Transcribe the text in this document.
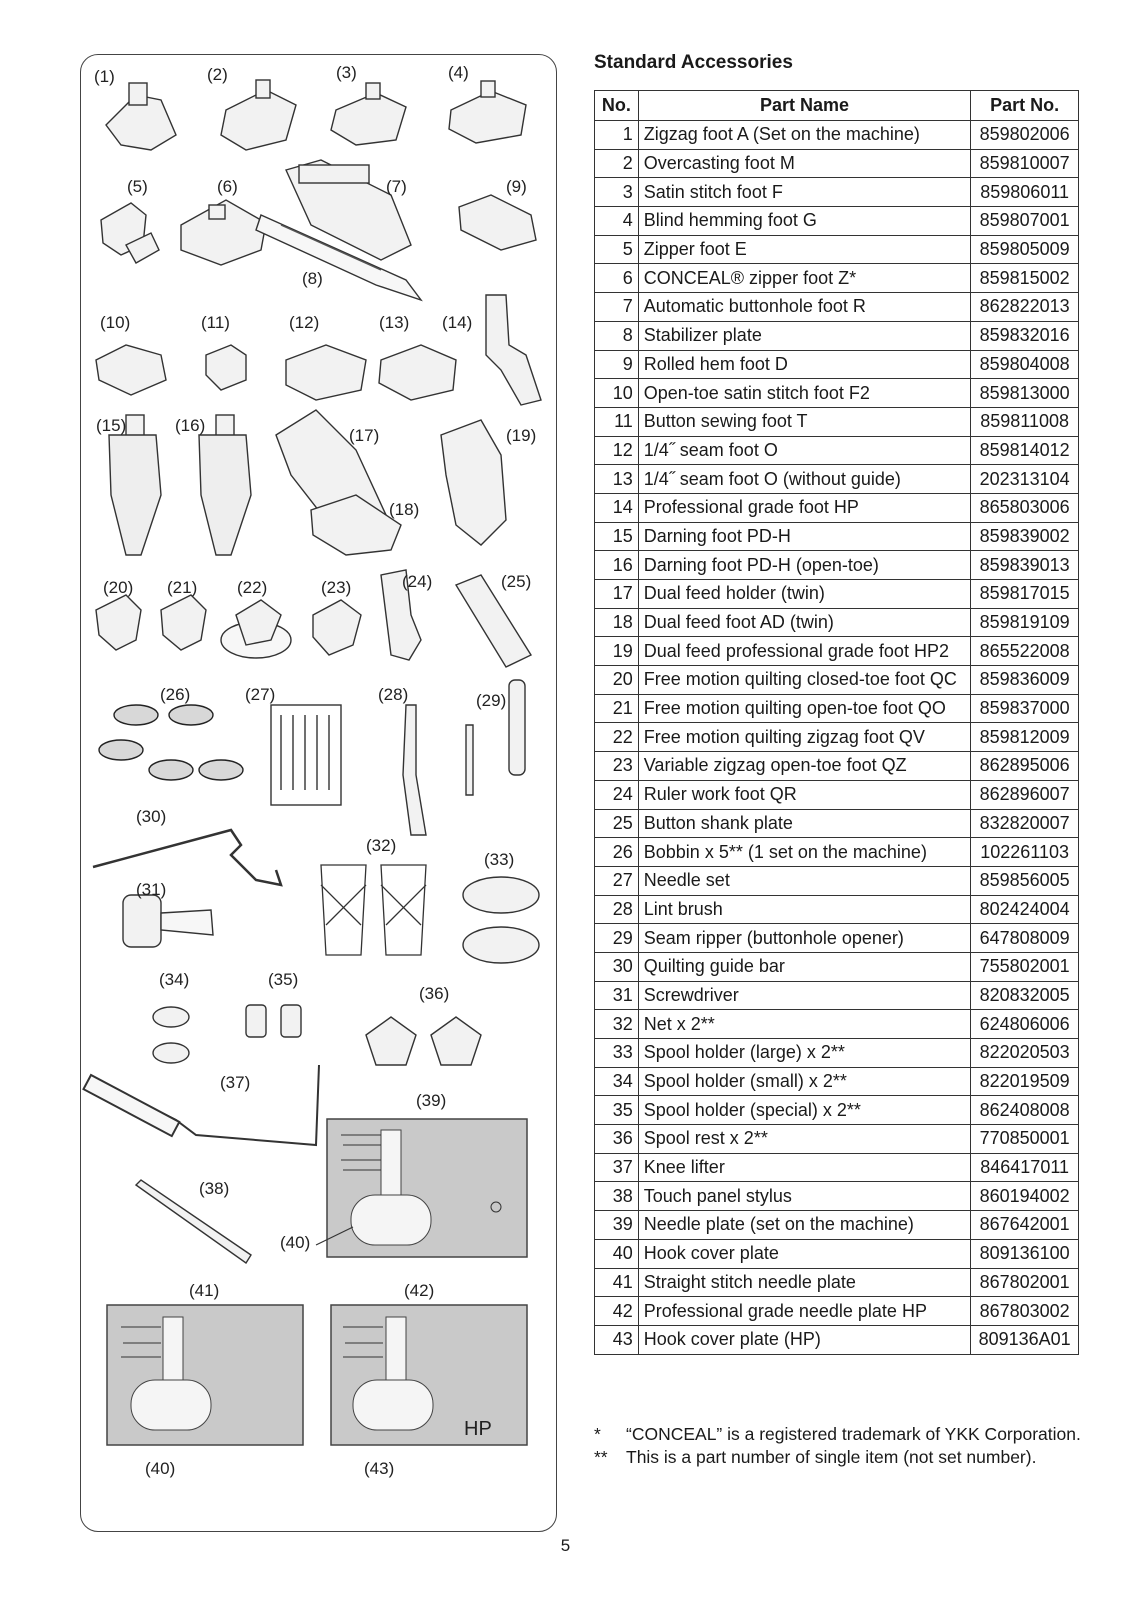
HP
(1)	(2)	(3)	(4)
(5)	(6)	(7)
(8)
(9)
(10)	(11)	(12)	(13) (14)
(15)	(16)
(17)
(18)
(19)
(20) (21) (22)	(23)	(24)	(25)
(26)	(27)	(28)	(29)
(30)
(31)
(32)
(33)
(34)	(35)
(36)
(37)
(38)
(39)
(40)
(41)	(42)
(40)	(43)
Standard Accessories
No.	Part Name	Part No.
1	Zigzag foot A (Set on the machine)	859802006
2	Overcasting foot M	859810007
3	Satin stitch foot F	859806011
4	Blind hemming foot G	859807001
5	Zipper foot E	859805009
6	CONCEAL® zipper foot Z*	859815002
7	Automatic buttonhole foot R	862822013
8	Stabilizer plate	859832016
9	Rolled hem foot D	859804008
10	Open-toe satin stitch foot F2	859813000
11	Button sewing foot T	859811008
12	1/4˝ seam foot O	859814012
13	1/4˝ seam foot O (without guide)	202313104
14	Professional grade foot HP	865803006
15	Darning foot PD-H	859839002
16	Darning foot PD-H (open-toe)	859839013
17	Dual feed holder (twin)	859817015
18	Dual feed foot AD (twin)	859819109
19	Dual feed professional grade foot HP2	865522008
20	Free motion quilting closed-toe foot QC	859836009
21	Free motion quilting open-toe foot QO	859837000
22	Free motion quilting zigzag foot QV	859812009
23	Variable zigzag open-toe foot QZ	862895006
24	Ruler work foot QR	862896007
25	Button shank plate	832820007
26	Bobbin x 5** (1 set on the machine)	102261103
27	Needle set	859856005
28	Lint brush	802424004
29	Seam ripper (buttonhole opener)	647808009
30	Quilting guide bar	755802001
31	Screwdriver	820832005
32	Net x 2**	624806006
33	Spool holder (large) x 2**	822020503
34	Spool holder (small) x 2**	822019509
35	Spool holder (special) x 2**	862408008
36	Spool rest x 2**	770850001
37	Knee lifter	846417011
38	Touch panel stylus	860194002
39	Needle plate (set on the machine)	867642001
40	Hook cover plate	809136100
41	Straight stitch needle plate	867802001
42	Professional grade needle plate HP	867803002
43	Hook cover plate (HP)	809136A01
* “CONCEAL” is a registered trademark of YKK Corporation.
** This is a part number of single item (not set number).
5
